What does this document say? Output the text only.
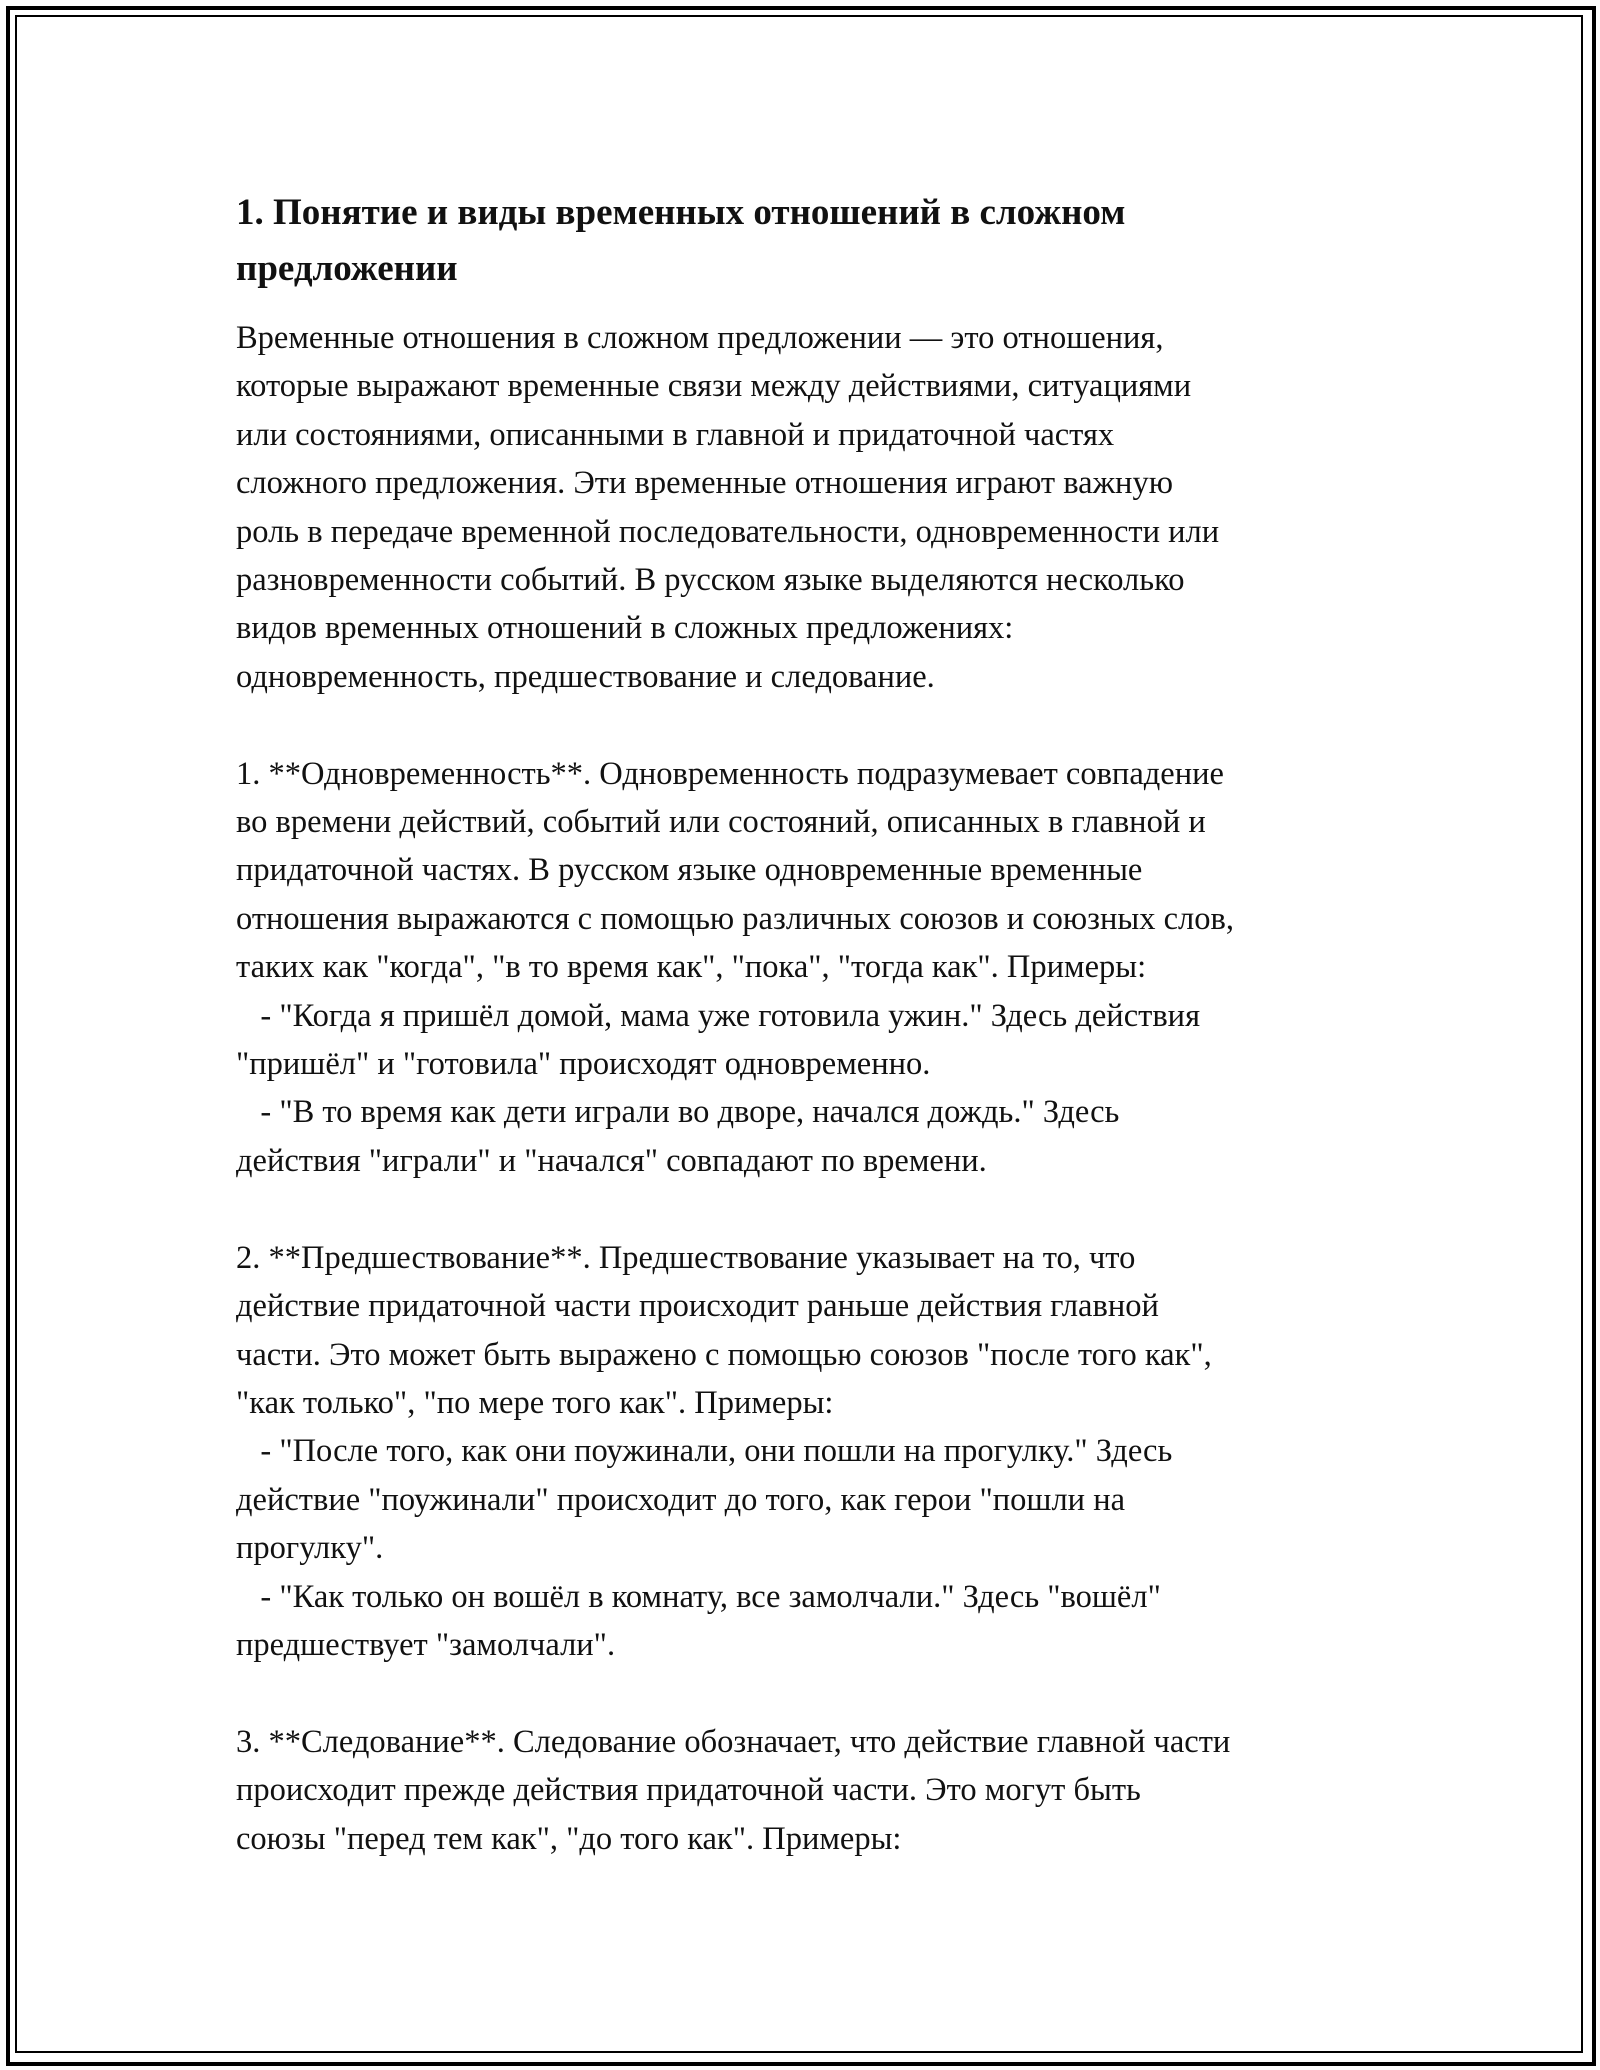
1. Понятие и виды временных отношений в сложном
предложении

Временные отношения в сложном предложении — это отношения,
которые выражают временные связи между действиями, ситуациями
или состояниями, описанными в главной и придаточной частях
сложного предложения. Эти временные отношения играют важную
роль в передаче временной последовательности, одновременности или
разновременности событий. В русском языке выделяются несколько
видов временных отношений в сложных предложениях:
одновременность, предшествование и следование.

1. **Одновременность**. Одновременность подразумевает совпадение
во времени действий, событий или состояний, описанных в главной и
придаточной частях. В русском языке одновременные временные
отношения выражаются с помощью различных союзов и союзных слов,
таких как "когда", "в то время как", "пока", "тогда как". Примеры:
- "Когда я пришёл домой, мама уже готовила ужин." Здесь действия
"пришёл" и "готовила" происходят одновременно.
- "В то время как дети играли во дворе, начался дождь." Здесь
действия "играли" и "начался" совпадают по времени.

2. **Предшествование**. Предшествование указывает на то, что
действие придаточной части происходит раньше действия главной
части. Это может быть выражено с помощью союзов "после того как",
"как только", "по мере того как". Примеры:
- "После того, как они поужинали, они пошли на прогулку." Здесь
действие "поужинали" происходит до того, как герои "пошли на
прогулку".
- "Как только он вошёл в комнату, все замолчали." Здесь "вошёл"
предшествует "замолчали".

3. **Следование**. Следование обозначает, что действие главной части
происходит прежде действия придаточной части. Это могут быть
союзы "перед тем как", "до того как". Примеры:
